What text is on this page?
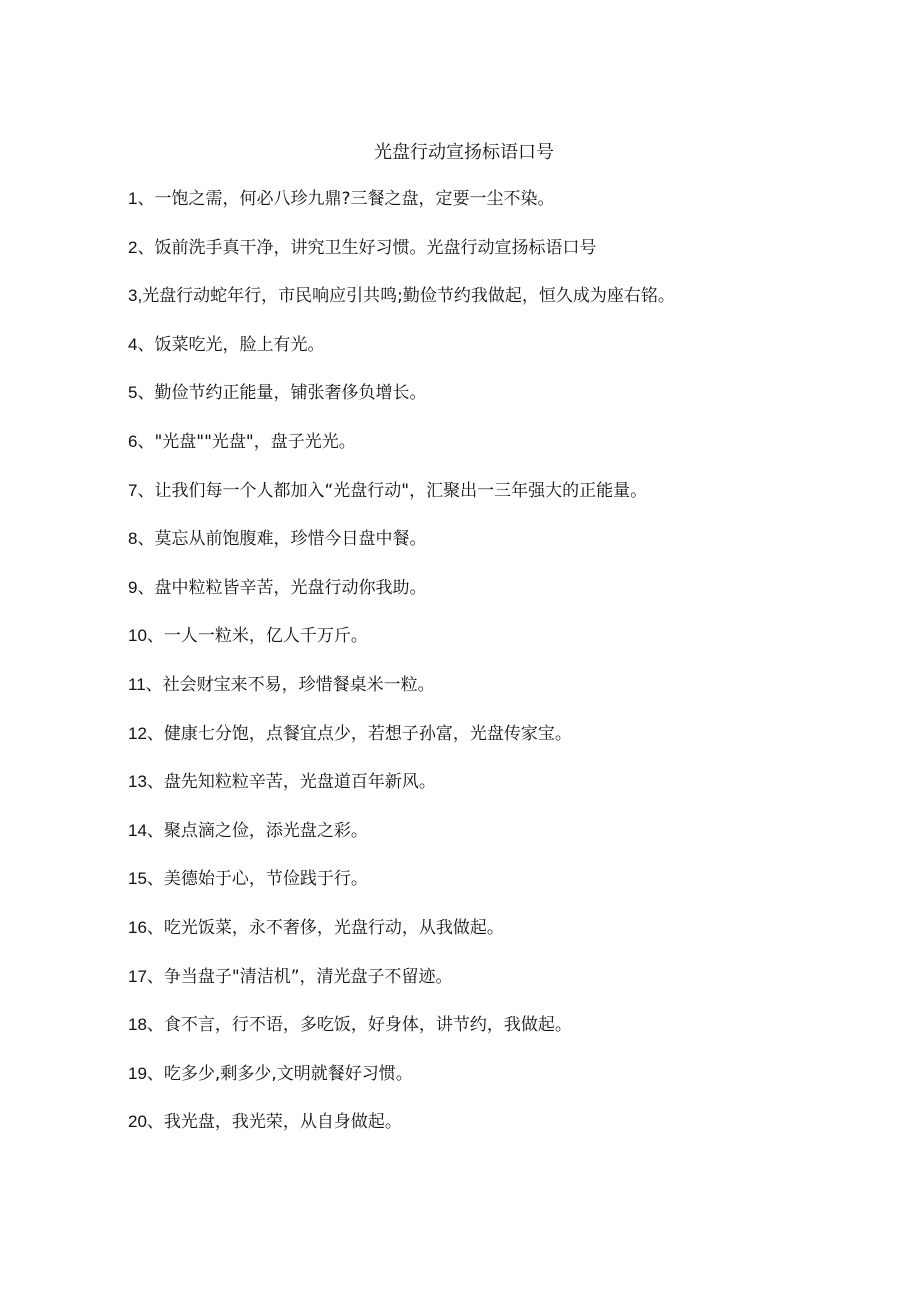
光盘行动宣扬标语口号
1、 一饱之需，何必八珍九鼎?三餐之盘，定要一尘不染。
2、 饭前洗手真干净，讲究卫生好习惯。光盘行动宣扬标语口号
3, 光盘行动蛇年行，市民响应引共鸣;勤俭节约我做起，恒久成为座右铭。
4、 饭菜吃光，脸上有光。
5、 勤俭节约正能量，铺张奢侈负增长。
6、 "光盘""光盘"，盘子光光。
7、 让我们每一个人都加入“光盘行动"，汇聚出一三年强大的正能量。
8、 莫忘从前饱腹难，珍惜今日盘中餐。
9、 盘中粒粒皆辛苦，光盘行动你我助。
10、 一人一粒米，亿人千万斤。
11、 社会财宝来不易，珍惜餐桌米一粒。
12、 健康七分饱，点餐宜点少，若想子孙富，光盘传家宝。
13、 盘先知粒粒辛苦，光盘道百年新风。
14、 聚点滴之俭，添光盘之彩。
15、 美德始于心，节俭践于行。
16、 吃光饭菜，永不奢侈，光盘行动，从我做起。
17、 争当盘子"清洁机”，清光盘子不留迹。
18、 食不言，行不语，多吃饭，好身体，讲节约，我做起。
19、 吃多少,剩多少,文明就餐好习惯。
20、 我光盘，我光荣，从自身做起。
